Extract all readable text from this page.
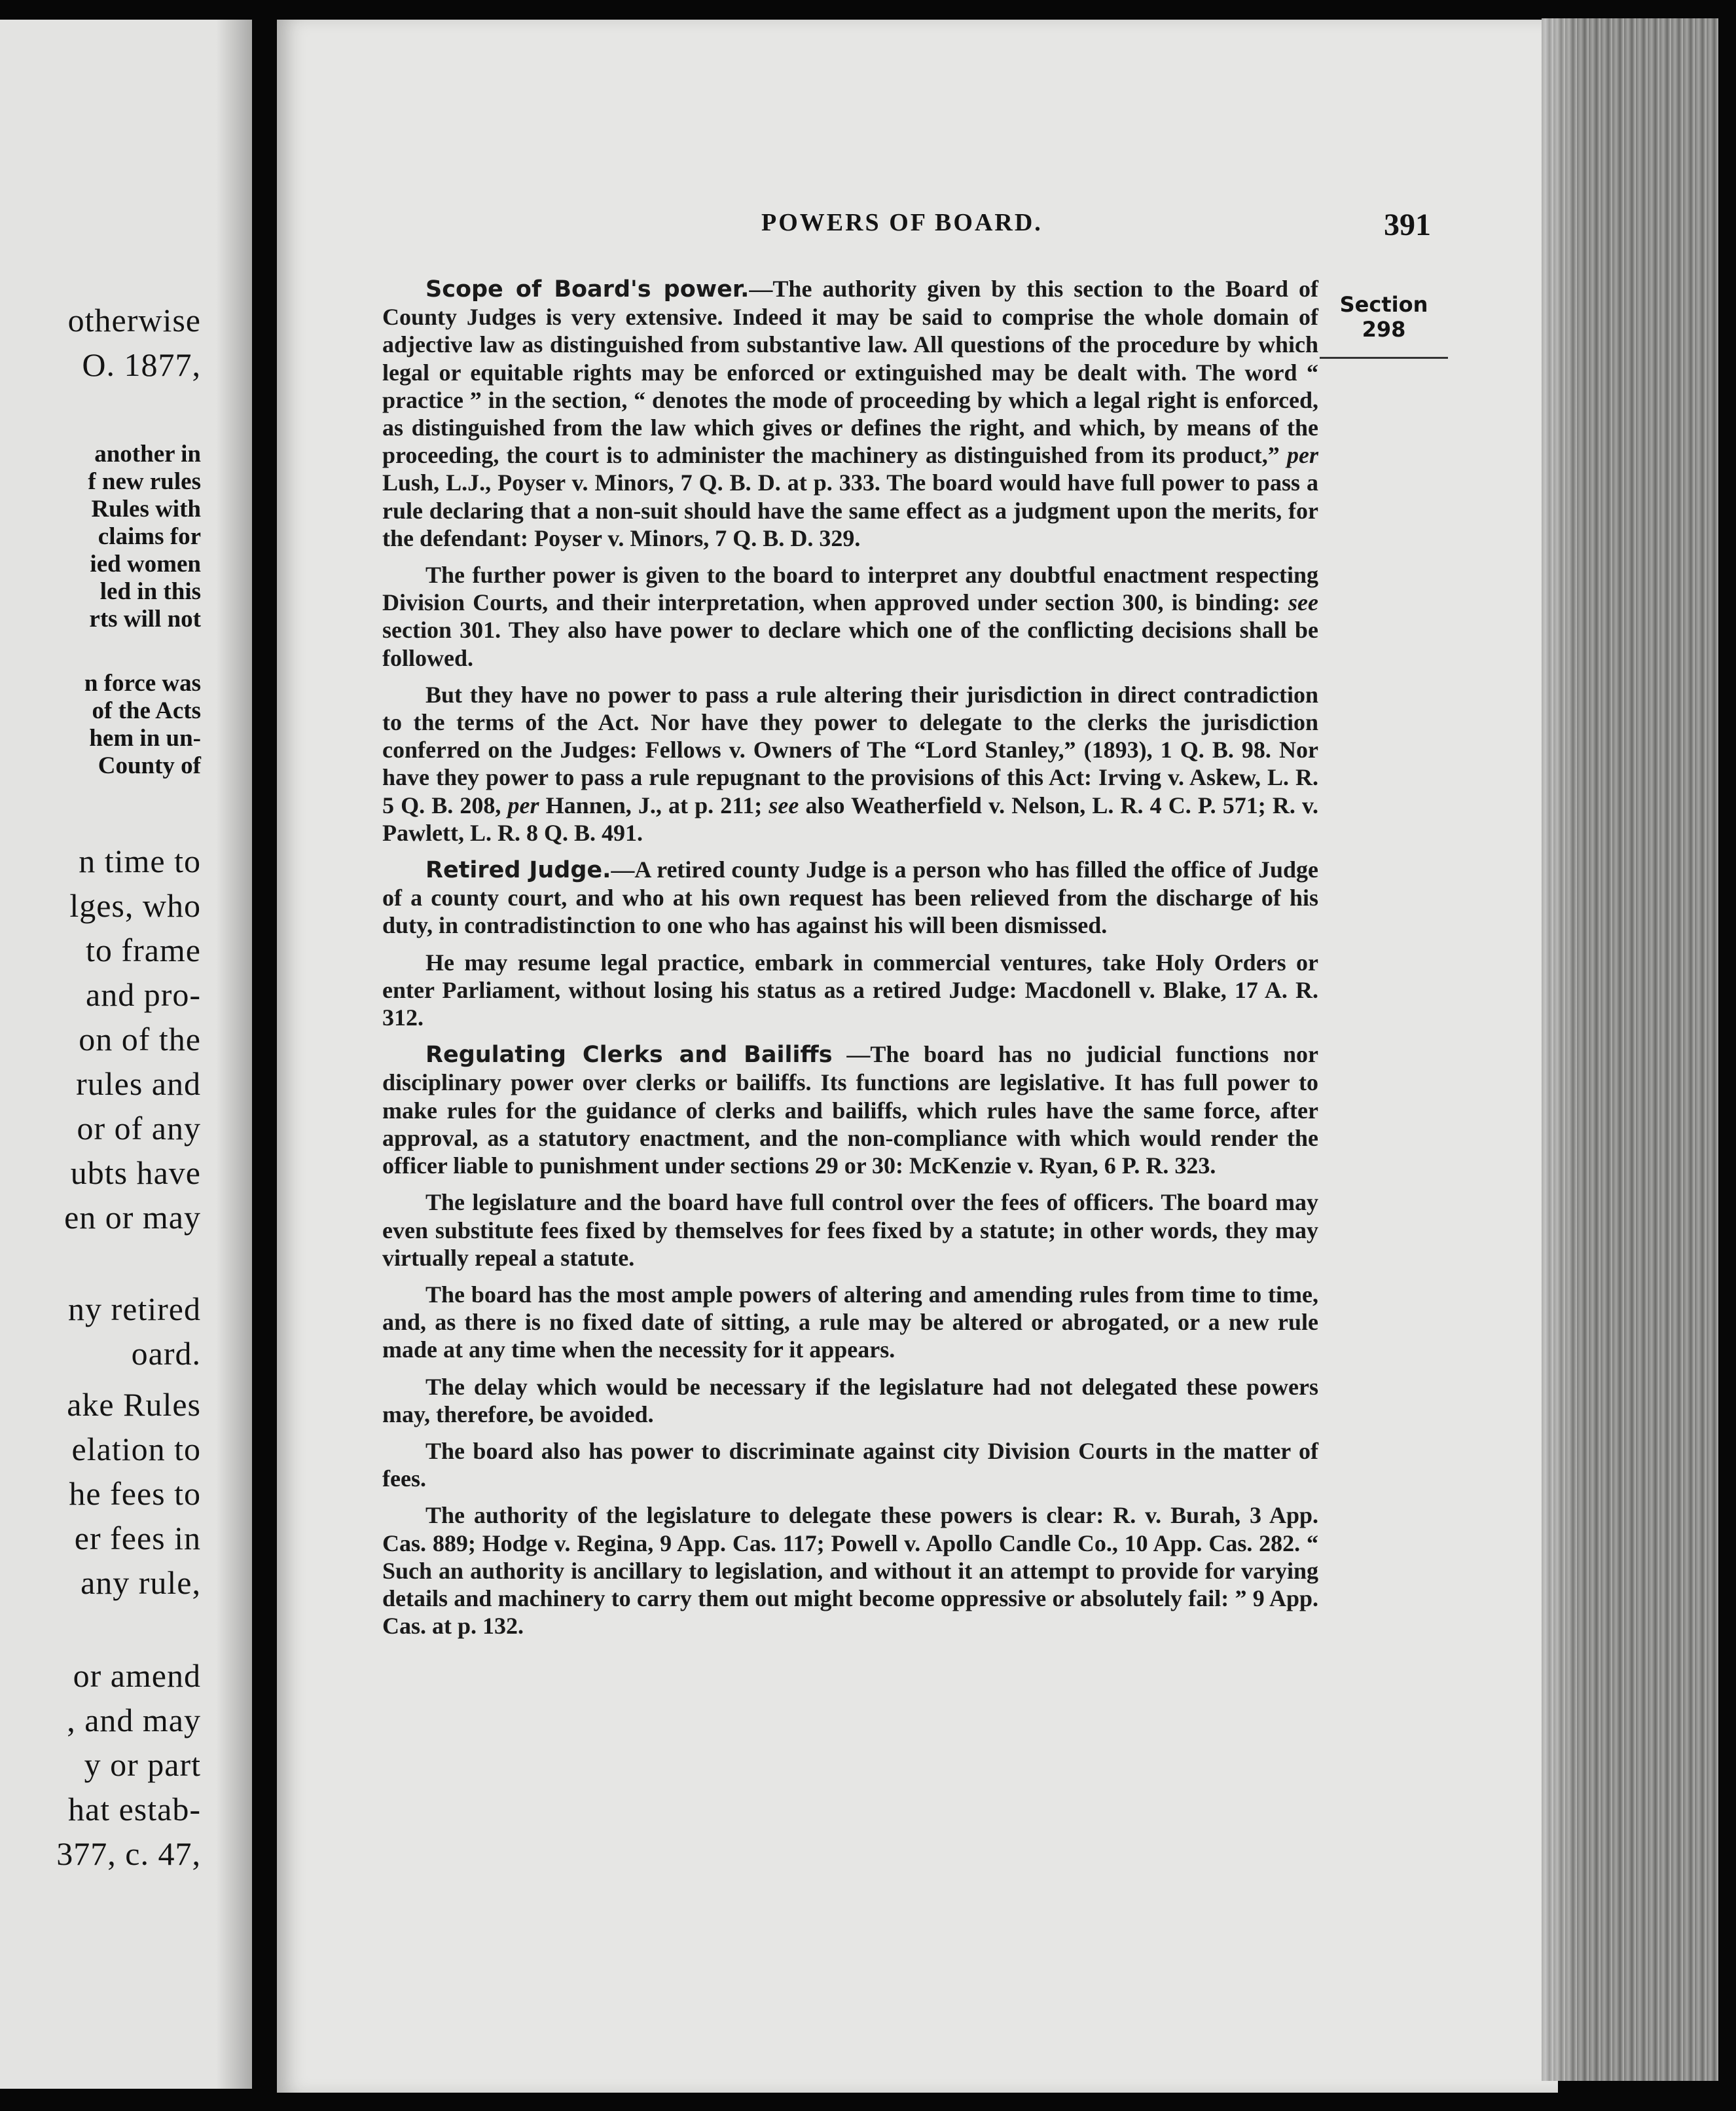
otherwise
O. 1877,
another in
f new rules
Rules with
claims for
ied women
led in this
rts will not
n force was
of the Acts
hem in un-
County of
n time to
lges, who
to frame
and pro-
on of the
rules and
or of any
ubts have
en or may
ny retired
oard.
ake Rules
elation to
he fees to
er fees in
any rule,
or amend
, and may
y or part
hat estab-
377, c. 47,
POWERS OF BOARD.	391
Section
298

Scope of Board's power.—The authority given by this section to the Board of County Judges is very extensive. Indeed it may be said to comprise the whole domain of adjective law as distinguished from substantive law. All questions of the procedure by which legal or equitable rights may be enforced or extinguished may be dealt with. The word “ practice ” in the section, “ denotes the mode of proceeding by which a legal right is enforced, as distinguished from the law which gives or defines the right, and which, by means of the proceeding, the court is to administer the machinery as distinguished from its product,” per Lush, L.J., Poyser v. Minors, 7 Q. B. D. at p. 333. The board would have full power to pass a rule declaring that a non-suit should have the same effect as a judgment upon the merits, for the defendant: Poyser v. Minors, 7 Q. B. D. 329.

The further power is given to the board to interpret any doubtful enactment respecting Division Courts, and their interpretation, when approved under section 300, is binding: see section 301. They also have power to declare which one of the conflicting decisions shall be followed.

But they have no power to pass a rule altering their jurisdiction in direct contradiction to the terms of the Act. Nor have they power to delegate to the clerks the jurisdiction conferred on the Judges: Fellows v. Owners of The “Lord Stanley,” (1893), 1 Q. B. 98. Nor have they power to pass a rule repugnant to the provisions of this Act: Irving v. Askew, L. R. 5 Q. B. 208, per Hannen, J., at p. 211; see also Weatherfield v. Nelson, L. R. 4 C. P. 571; R. v. Pawlett, L. R. 8 Q. B. 491.

Retired Judge.—A retired county Judge is a person who has filled the office of Judge of a county court, and who at his own request has been relieved from the discharge of his duty, in contradistinction to one who has against his will been dismissed.

He may resume legal practice, embark in commercial ventures, take Holy Orders or enter Parliament, without losing his status as a retired Judge: Macdonell v. Blake, 17 A. R. 312.

Regulating Clerks and Bailiffs —The board has no judicial functions nor disciplinary power over clerks or bailiffs. Its functions are legislative. It has full power to make rules for the guidance of clerks and bailiffs, which rules have the same force, after approval, as a statutory enactment, and the non-compliance with which would render the officer liable to punishment under sections 29 or 30: McKenzie v. Ryan, 6 P. R. 323.

The legislature and the board have full control over the fees of officers. The board may even substitute fees fixed by themselves for fees fixed by a statute; in other words, they may virtually repeal a statute.

The board has the most ample powers of altering and amending rules from time to time, and, as there is no fixed date of sitting, a rule may be altered or abrogated, or a new rule made at any time when the necessity for it appears.

The delay which would be necessary if the legislature had not delegated these powers may, therefore, be avoided.

The board also has power to discriminate against city Division Courts in the matter of fees.

The authority of the legislature to delegate these powers is clear: R. v. Burah, 3 App. Cas. 889; Hodge v. Regina, 9 App. Cas. 117; Powell v. Apollo Candle Co., 10 App. Cas. 282. “ Such an authority is ancillary to legislation, and without it an attempt to provide for varying details and machinery to carry them out might become oppressive or absolutely fail: ” 9 App. Cas. at p. 132.
